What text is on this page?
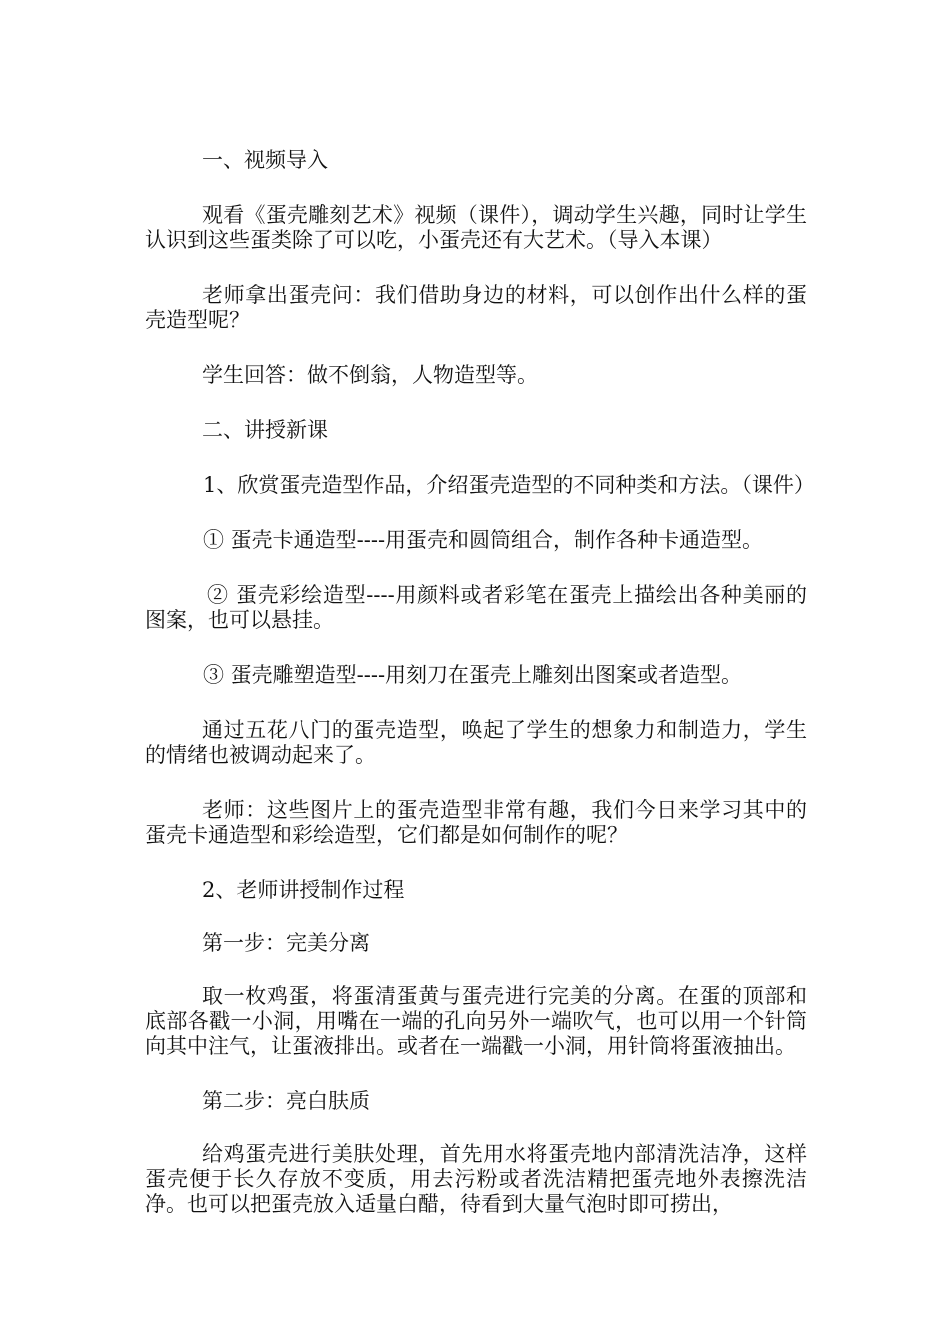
一、视频导入

观看《蛋壳雕刻艺术》视频（课件），调动学生兴趣，同时让学生认识到这些蛋类除了可以吃，小蛋壳还有大艺术。（导入本课）

老师拿出蛋壳问：我们借助身边的材料，可以创作出什么样的蛋壳造型呢？

学生回答：做不倒翁，人物造型等。

二、讲授新课

1、欣赏蛋壳造型作品，介绍蛋壳造型的不同种类和方法。（课件）

① 蛋壳卡通造型----用蛋壳和圆筒组合，制作各种卡通造型。

② 蛋壳彩绘造型----用颜料或者彩笔在蛋壳上描绘出各种美丽的图案，也可以悬挂。

③ 蛋壳雕塑造型----用刻刀在蛋壳上雕刻出图案或者造型。

通过五花八门的蛋壳造型，唤起了学生的想象力和制造力，学生的情绪也被调动起来了。

老师：这些图片上的蛋壳造型非常有趣，我们今日来学习其中的蛋壳卡通造型和彩绘造型，它们都是如何制作的呢？

2、老师讲授制作过程

第一步：完美分离

取一枚鸡蛋，将蛋清蛋黄与蛋壳进行完美的分离。在蛋的顶部和底部各戳一小洞，用嘴在一端的孔向另外一端吹气，也可以用一个针筒向其中注气，让蛋液排出。或者在一端戳一小洞，用针筒将蛋液抽出。

第二步：亮白肤质

给鸡蛋壳进行美肤处理，首先用水将蛋壳地内部清洗洁净，这样蛋壳便于长久存放不变质，用去污粉或者洗洁精把蛋壳地外表擦洗洁净。也可以把蛋壳放入适量白醋，待看到大量气泡时即可捞出，
